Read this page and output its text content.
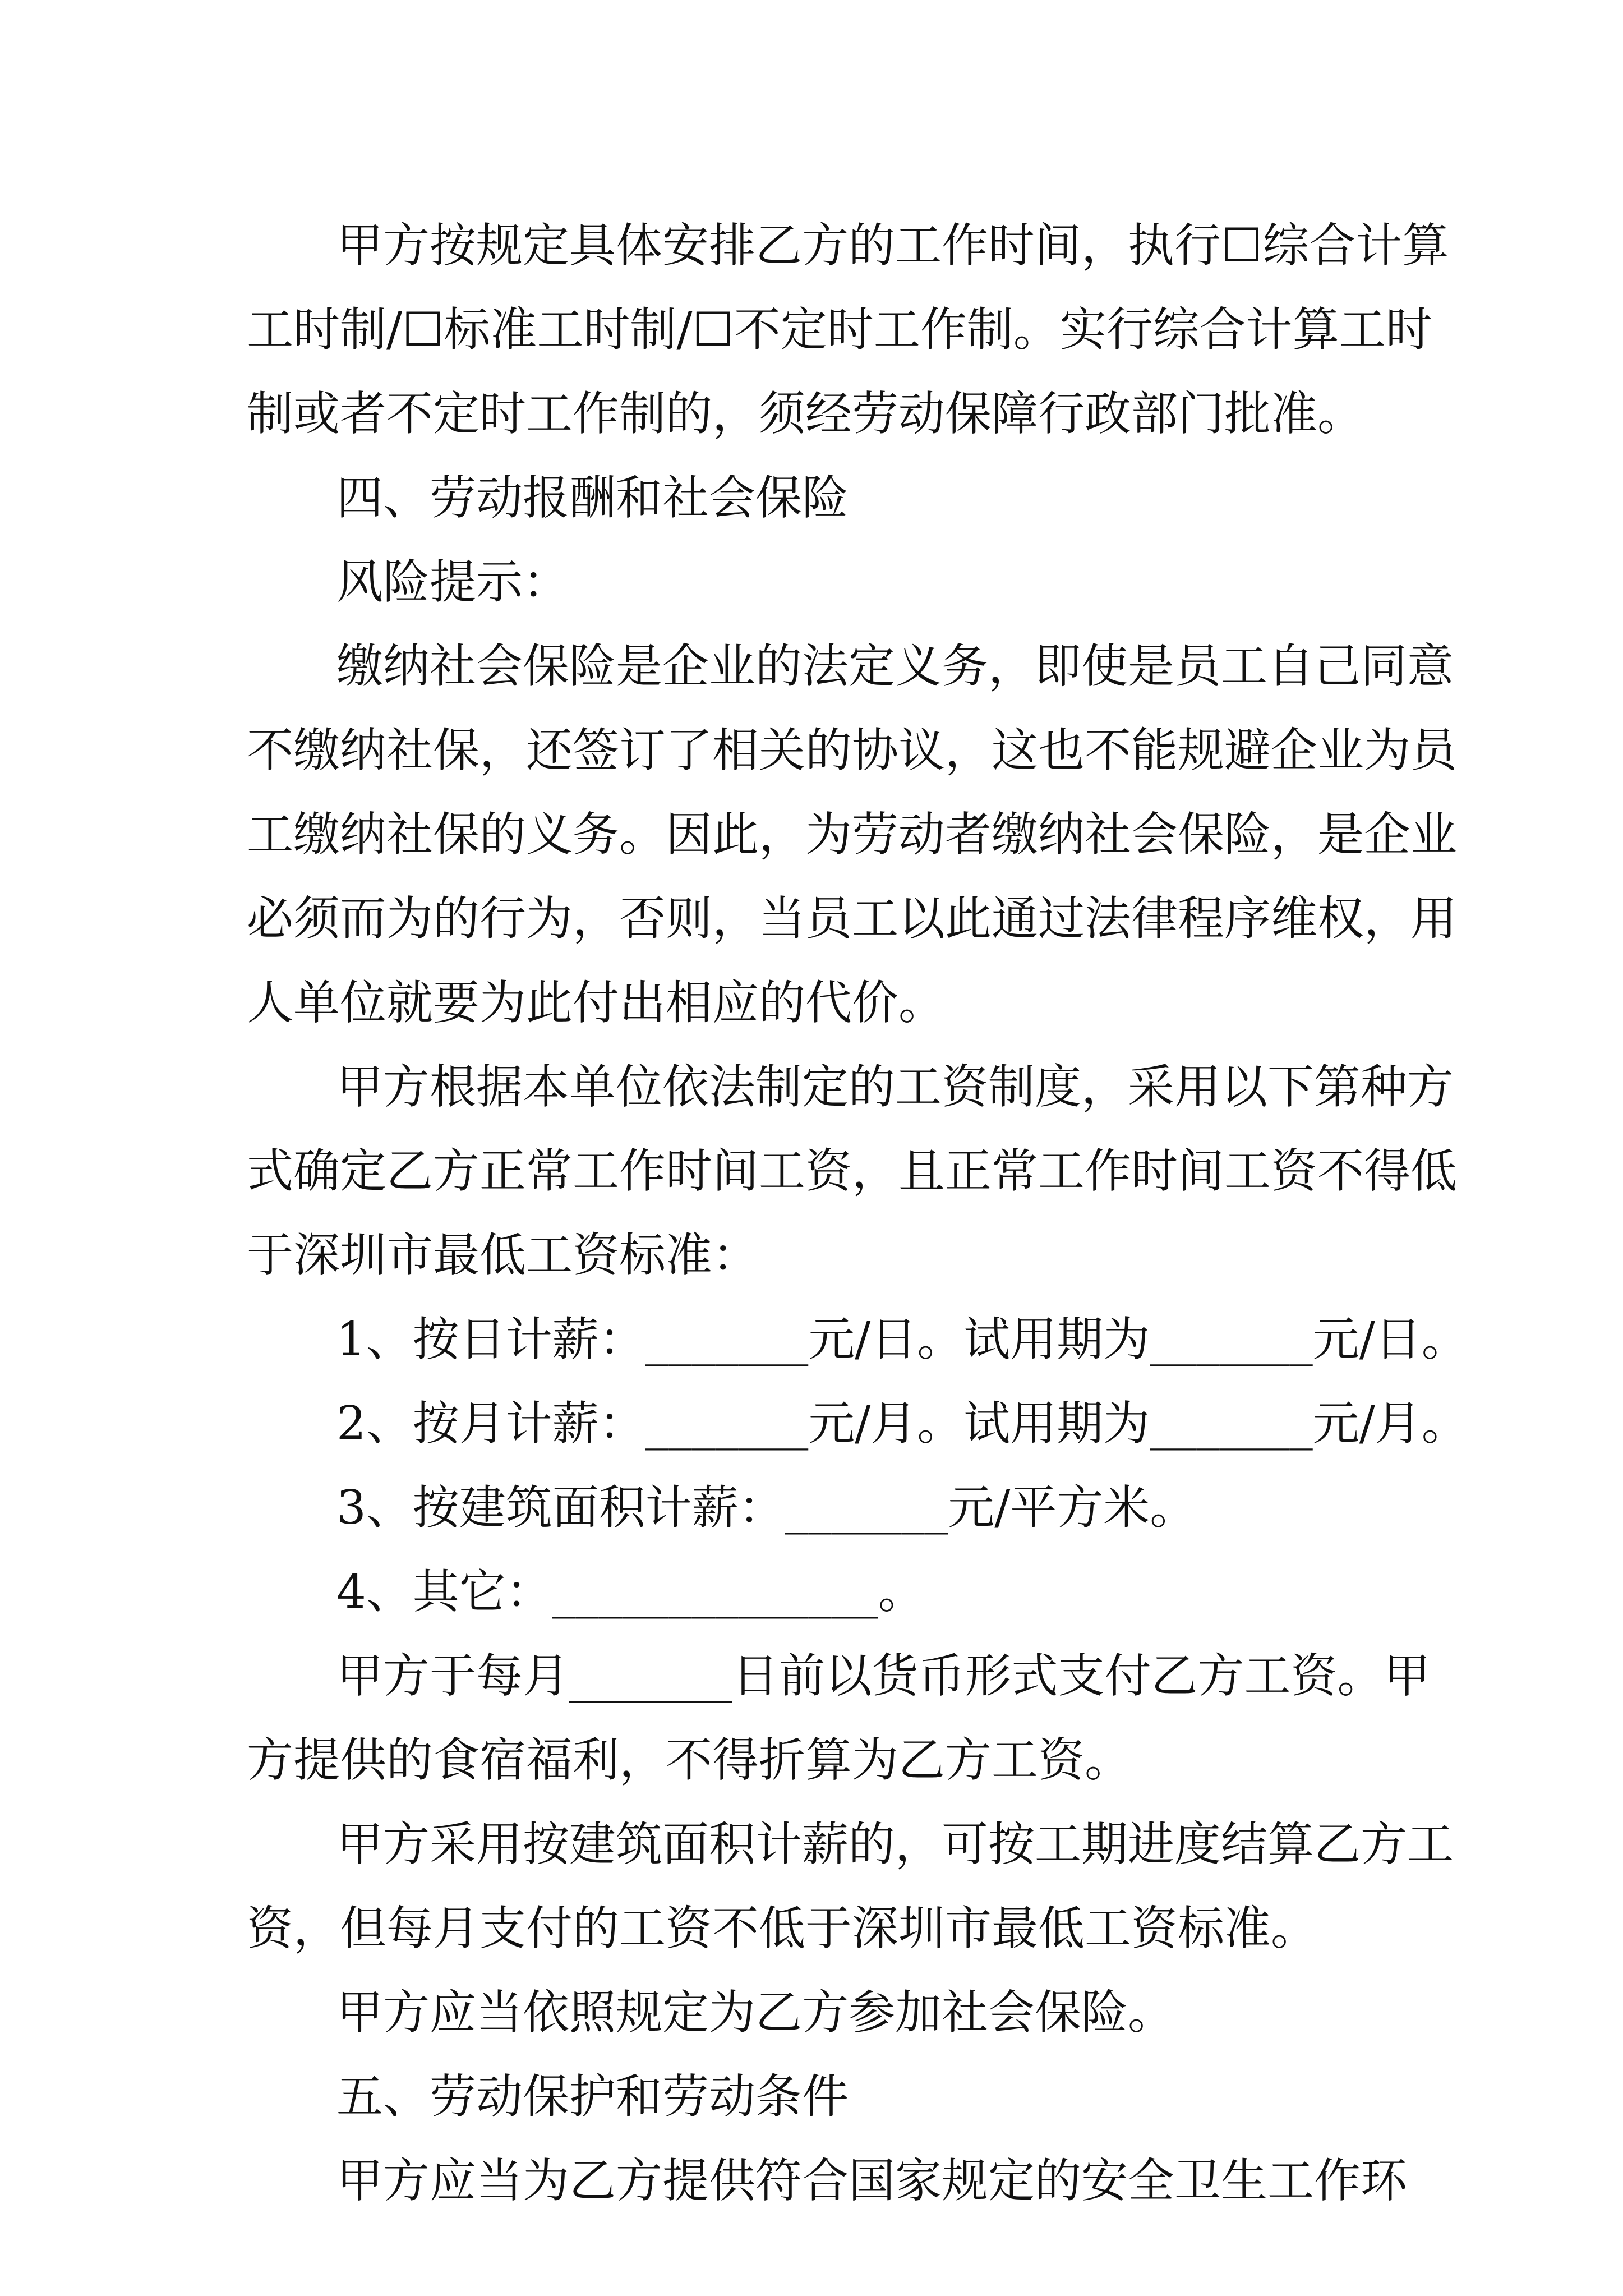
甲方按规定具体安排乙方的工作时间，执行☐综合计算
工时制/☐标准工时制/☐不定时工作制。实行综合计算工时
制或者不定时工作制的，须经劳动保障行政部门批准。
四、劳动报酬和社会保险
风险提示：
缴纳社会保险是企业的法定义务，即使是员工自己同意
不缴纳社保，还签订了相关的协议，这也不能规避企业为员
工缴纳社保的义务。因此，为劳动者缴纳社会保险，是企业
必须而为的行为，否则，当员工以此通过法律程序维权，用
人单位就要为此付出相应的代价。
甲方根据本单位依法制定的工资制度，采用以下第种方
式确定乙方正常工作时间工资，且正常工作时间工资不得低
于深圳市最低工资标准：
1、按日计薪：_______元/日。试用期为_______元/日。
2、按月计薪：_______元/月。试用期为_______元/月。
3、按建筑面积计薪：_______元/平方米。
4、其它：______________。
甲方于每月_______日前以货币形式支付乙方工资。甲
方提供的食宿福利，不得折算为乙方工资。
甲方采用按建筑面积计薪的，可按工期进度结算乙方工
资，但每月支付的工资不低于深圳市最低工资标准。
甲方应当依照规定为乙方参加社会保险。
五、劳动保护和劳动条件
甲方应当为乙方提供符合国家规定的安全卫生工作环
